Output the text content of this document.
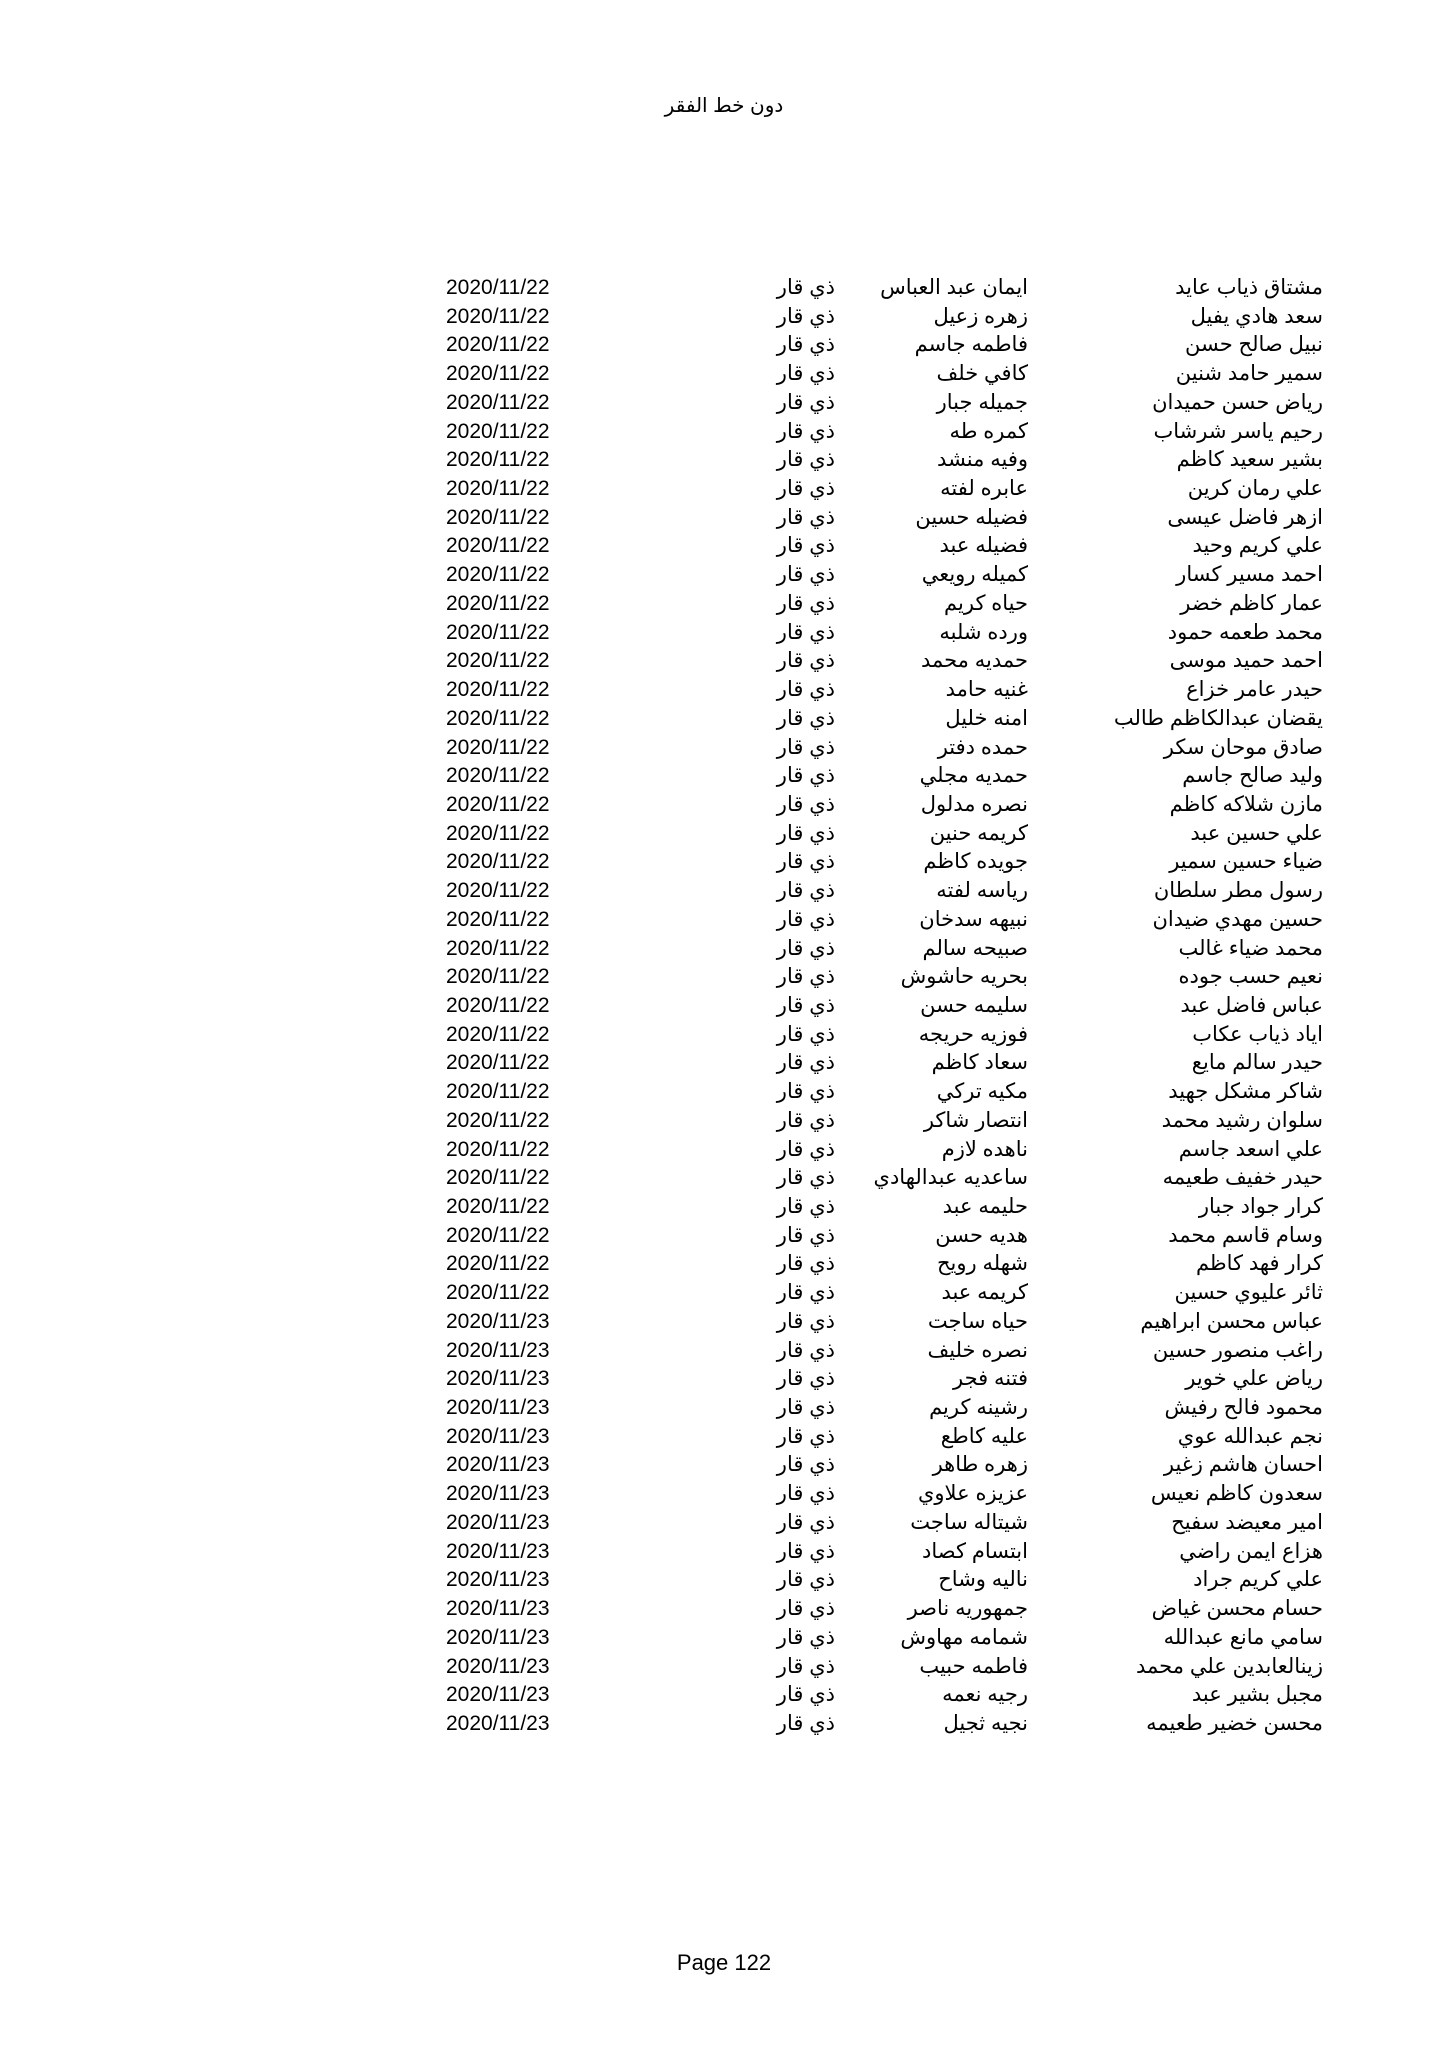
دون خط الفقر
مشتاق ذياب عايد
ايمان عبد العباس
ذي قار
2020/11/22
سعد هادي يفيل
زهره زعيل
ذي قار
2020/11/22
نبيل صالح حسن
فاطمه جاسم
ذي قار
2020/11/22
سمير حامد شنين
كافي خلف
ذي قار
2020/11/22
رياض حسن حميدان
جميله جبار
ذي قار
2020/11/22
رحيم ياسر شرشاب
كمره طه
ذي قار
2020/11/22
بشير سعيد كاظم
وفيه منشد
ذي قار
2020/11/22
علي رمان كرين
عابره لفته
ذي قار
2020/11/22
ازهر فاضل عيسى
فضيله حسين
ذي قار
2020/11/22
علي كريم وحيد
فضيله عبد
ذي قار
2020/11/22
احمد مسير كسار
كميله رويعي
ذي قار
2020/11/22
عمار كاظم خضر
حياه كريم
ذي قار
2020/11/22
محمد طعمه حمود
ورده شلبه
ذي قار
2020/11/22
احمد حميد موسى
حمديه محمد
ذي قار
2020/11/22
حيدر عامر خزاع
غنيه حامد
ذي قار
2020/11/22
يقضان عبدالكاظم طالب
امنه خليل
ذي قار
2020/11/22
صادق موحان سكر
حمده دفتر
ذي قار
2020/11/22
وليد صالح جاسم
حمديه مجلي
ذي قار
2020/11/22
مازن شلاكه كاظم
نصره مدلول
ذي قار
2020/11/22
علي حسين عبد
كريمه حنين
ذي قار
2020/11/22
ضياء حسين سمير
جويده كاظم
ذي قار
2020/11/22
رسول مطر سلطان
رياسه لفته
ذي قار
2020/11/22
حسين مهدي ضيدان
نبيهه سدخان
ذي قار
2020/11/22
محمد ضياء غالب
صبيحه سالم
ذي قار
2020/11/22
نعيم حسب جوده
بحريه حاشوش
ذي قار
2020/11/22
عباس فاضل عبد
سليمه حسن
ذي قار
2020/11/22
اياد ذياب عكاب
فوزيه حريجه
ذي قار
2020/11/22
حيدر سالم مايع
سعاد كاظم
ذي قار
2020/11/22
شاكر مشكل جهيد
مكيه تركي
ذي قار
2020/11/22
سلوان رشيد محمد
انتصار شاكر
ذي قار
2020/11/22
علي اسعد جاسم
ناهده لازم
ذي قار
2020/11/22
حيدر خفيف طعيمه
ساعديه عبدالهادي
ذي قار
2020/11/22
كرار جواد جبار
حليمه عبد
ذي قار
2020/11/22
وسام قاسم محمد
هديه حسن
ذي قار
2020/11/22
كرار فهد كاظم
شهله رويح
ذي قار
2020/11/22
ثائر عليوي حسين
كريمه عبد
ذي قار
2020/11/22
عباس محسن ابراهيم
حياه ساجت
ذي قار
2020/11/23
راغب منصور حسين
نصره خليف
ذي قار
2020/11/23
رياض علي خوير
فتنه فجر
ذي قار
2020/11/23
محمود فالح رفيش
رشينه كريم
ذي قار
2020/11/23
نجم عبدالله عوي
عليه كاطع
ذي قار
2020/11/23
احسان هاشم زغير
زهره طاهر
ذي قار
2020/11/23
سعدون كاظم نعيس
عزيزه علاوي
ذي قار
2020/11/23
امير معيضد سفيح
شيتاله ساجت
ذي قار
2020/11/23
هزاع ايمن راضي
ابتسام كصاد
ذي قار
2020/11/23
علي كريم جراد
ناليه وشاح
ذي قار
2020/11/23
حسام محسن غياض
جمهوريه ناصر
ذي قار
2020/11/23
سامي مانع عبدالله
شمامه مهاوش
ذي قار
2020/11/23
زينالعابدين علي محمد
فاطمه حبيب
ذي قار
2020/11/23
مجبل بشير عبد
رجيه نعمه
ذي قار
2020/11/23
محسن خضير طعيمه
نجيه ثجيل
ذي قار
2020/11/23
Page 122
